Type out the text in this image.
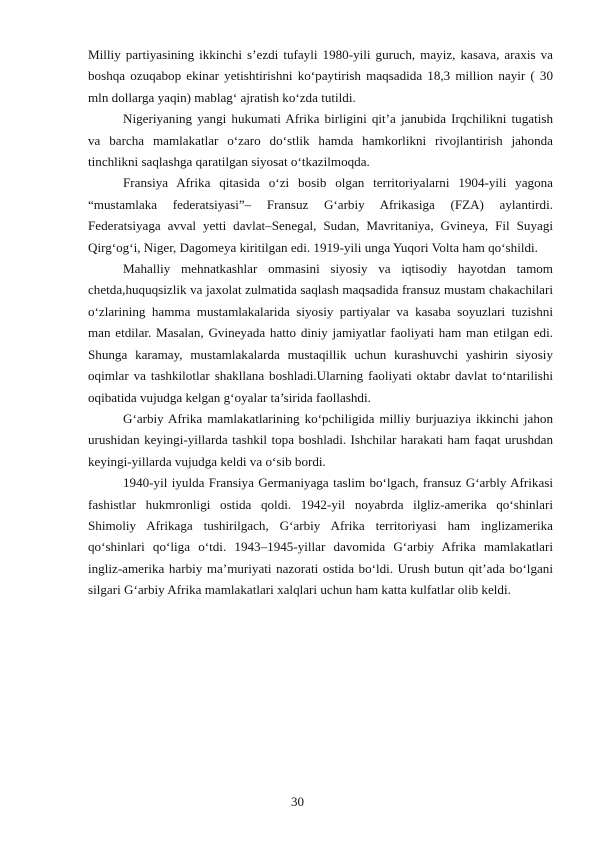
Milliy partiyasining ikkinchi s’ezdi tufayli 1980-yili guruch, mayiz, kasava, araxis va boshqa ozuqabop ekinar yetishtirishni ko‘paytirish maqsadida 18,3 million nayir ( 30 mln dollarga yaqin) mablag‘ ajratish ko‘zda tutildi.

Nigeriyaning yangi hukumati Afrika birligini qit’a janubida Irqchilikni tugatish va barcha mamlakatlar o‘zaro do‘stlik hamda hamkorlikni rivojlantirish jahonda tinchlikni saqlashga qaratilgan siyosat o‘tkazilmoqda.

Fransiya Afrika qitasida o‘zi bosib olgan territoriyalarni 1904-yili yagona “mustamlaka federatsiyasi”– Fransuz G‘arbiy Afrikasiga (FZA) aylantirdi. Federatsiyaga avval yetti davlat–Senegal, Sudan, Mavritaniya, Gvineya, Fil Suyagi Qirg‘og‘i, Niger, Dagomeya kiritilgan edi. 1919-yili unga Yuqori Volta ham qo‘shildi.

Mahalliy mehnatkashlar ommasini siyosiy va iqtisodiy hayotdan tamom chetda,huquqsizlik va jaxolat zulmatida saqlash maqsadida fransuz mustam chakachilari o‘zlarining hamma mustamlakalarida siyosiy partiyalar va kasaba soyuzlari tuzishni man etdilar. Masalan, Gvineyada hatto diniy jamiyatlar faoliyati ham man etilgan edi. Shunga karamay, mustamlakalarda mustaqillik uchun kurashuvchi yashirin siyosiy oqimlar va tashkilotlar shakllana boshladi.Ularning faoliyati oktabr davlat to‘ntarilishi oqibatida vujudga kelgan g‘oyalar ta’sirida faollashdi.

G‘arbiy Afrika mamlakatlarining ko‘pchiligida milliy burjuaziya ikkinchi jahon urushidan keyingi-yillarda tashkil topa boshladi. Ishchilar harakati ham faqat urushdan keyingi-yillarda vujudga keldi va o‘sib bordi.

1940-yil iyulda Fransiya Germaniyaga taslim bo‘lgach, fransuz G‘arbly Afrikasi fashistlar hukmronligi ostida qoldi. 1942-yil noyabrda ilgliz-amerika qo‘shinlari Shimoliy Afrikaga tushirilgach, G‘arbiy Afrika territoriyasi ham inglizamerika qo‘shinlari qo‘liga o‘tdi. 1943–1945-yillar davomida G‘arbiy Afrika mamlakatlari ingliz-amerika harbiy ma’muriyati nazorati ostida bo‘ldi. Urush butun qit’ada bo‘lgani silgari G‘arbiy Afrika mamlakatlari xalqlari uchun ham katta kulfatlar olib keldi.

30
